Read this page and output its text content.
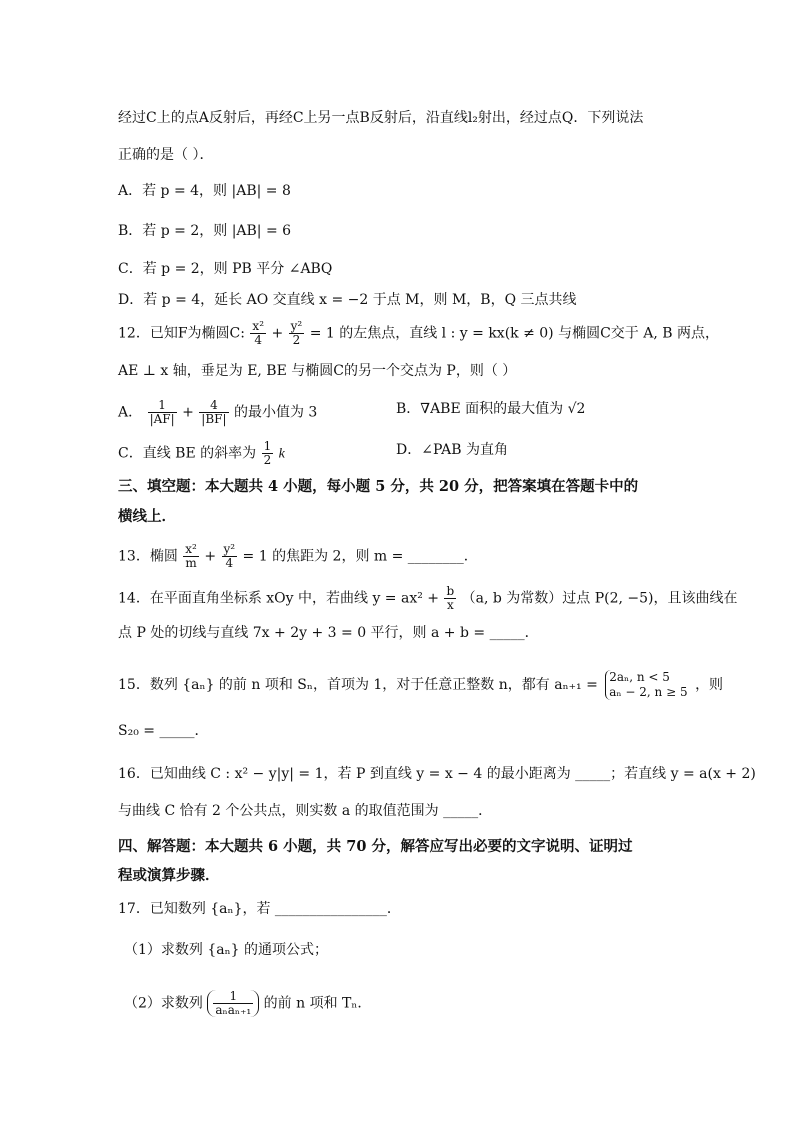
经过C上的点A反射后，再经C上另一点B反射后，沿直线l₂射出，经过点Q．下列说法
正确的是（ ）．
A．若 p = 4，则 |AB| = 8
B．若 p = 2，则 |AB| = 6
C．若 p = 2，则 PB 平分 ∠ABQ
D．若 p = 4，延长 AO 交直线 x = −2 于点 M，则 M，B，Q 三点共线
12．已知F为椭圆C: $\frac{\text{x²}}{4} + \frac{\text{y²}}{2} = 1$ 的左焦点，直线 l : y = kx(k ≠ 0) 与椭圆C交于 A, B 两点，
AE ⊥ x 轴，垂足为 E, BE 与椭圆C的另一个交点为 P，则（ ）
A． $\frac{1}{|AF|} + \frac{4}{|BF|}$ 的最小值为 3	B．∇ABE 面积的最大值为 √2
C．直线 BE 的斜率为 $\frac{1}{2}$ k	D．∠PAB 为直角
三、填空题：本大题共 4 小题，每小题 5 分，共 20 分，把答案填在答题卡中的
横线上．
13．椭圆 $\frac{\text{x²}}{m} + \frac{\text{y²}}{4} = 1$ 的焦距为 2，则 m = ________．
14．在平面直角坐标系 xOy 中，若曲线 $y = ax^2 + \frac{b}{x} (a$, b 为常数）过点 P(2, −5)，且该曲线在
点 P 处的切线与直线 7x + 2y + 3 = 0 平行，则 a + b = _____．
15．数列 {aₙ} 的前 n 项和 Sₙ，首项为 1，对于任意正整数 n，都有 aₙ₊₁ = 2aₙ, n < 5
aₙ − 2, n ≥ 5 ，则
S₂₀ = _____．
16．已知曲线 C : x² − y|y| = 1，若 P 到直线 y = x − 4 的最小距离为 _____；若直线 y = a(x + 2)
与曲线 C 恰有 2 个公共点，则实数 a 的取值范围为 _____．
四、解答题：本大题共 6 小题，共 70 分，解答应写出必要的文字说明、证明过
程或演算步骤．
17．已知数列 {aₙ}，若 ________________．
（1）求数列 {aₙ} 的通项公式；
（2）求数列 $\frac{1}{\text{aₙaₙ₊₁}}$ 的前 n 项和 Tₙ．
